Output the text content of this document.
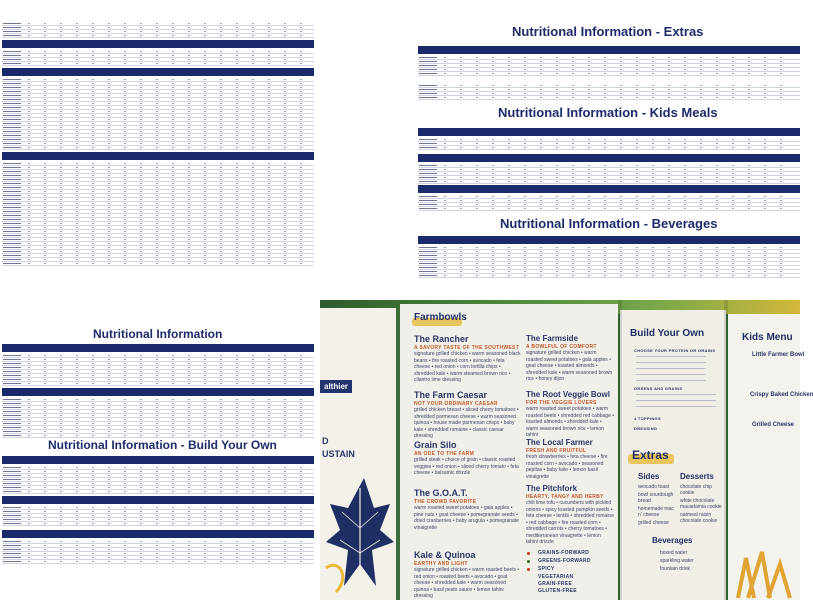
Nutritional Information - Extras
Nutritional Information - Kids Meals
Nutritional Information - Beverages
Nutritional Information
Nutritional Information - Build Your Own
althier
D
USTAIN
Farmbowls
The Rancher
A SAVORY TASTE OF THE SOUTHWEST
signature grilled chicken • warm seasoned black beans • fire roasted corn • avocado • feta cheese • red onion • corn tortilla chips • shredded kale • warm steamed brown rice • cilantro lime dressing
The Farm Caesar
NOT YOUR ORDINARY CAESAR
grilled chicken breast • sliced cherry tomatoes • shredded parmesan cheese • warm seasoned quinoa • house made parmesan crisps • baby kale • shredded romaine • classic caesar dressing
Grain Silo
AN ODE TO THE FARM
grilled steak • choice of grain • classic roasted veggies • red onion • sliced cherry tomato • feta cheese • balsamic drizzle
The G.O.A.T.
THE CROWD FAVORITE
warm roasted sweet potatoes • gala apples • pine nuts • goat cheese • pomegranate seeds • dried cranberries • baby arugula • pomegranate vinaigrette
Kale & Quinoa
EARTHY AND LIGHT
signature grilled chicken • warm roasted beets • red onion • roasted beets • avocado • goat cheese • shredded kale • warm seasoned quinoa • basil pesto sauce • lemon tahini dressing
The Farmside
A BOWLFUL OF COMFORT
signature grilled chicken • warm roasted sweet potatoes • gala apples • goat cheese • toasted almonds • shredded kale • warm seasoned brown rice • honey dijon
The Root Veggie Bowl
FOR THE VEGGIE LOVERS
warm roasted sweet potatoes • warm roasted beets • shredded red cabbage • toasted almonds • shredded kale • warm seasoned brown rice • lemon tahini
The Local Farmer
FRESH AND FRUITFUL
fresh strawberries • feta cheese • fire roasted corn • avocado • seasoned pepitas • baby kale • lemon basil vinaigrette
The Pitchfork
HEARTY, TANGY AND HERBY
chili lime tofu • cucumbers with pickled onions • spicy toasted pumpkin seeds • feta cheese • lentils • shredded romaine • red cabbage • fire roasted corn • shredded carrots • cherry tomatoes • mediterranean vinaigrette • lemon tahini drizzle
GRAINS-FORWARD
GREENS-FORWARD
SPICY
VEGETARIAN
GRAIN-FREE
GLUTEN-FREE
Build Your Own
CHOOSE YOUR PROTEIN OR GRAINS
GREENS AND GRAINS
4 TOPPINGS
DRESSING
Extras
Sides
avocado toast
bowl sourdough bread
homemade mac n' cheese
grilled cheese
Desserts
chocolate chip cookie
white chocolate macadamia cookie
oatmeal raisin chocolate cookie
Beverages
boxed water
sparkling water
fountain drink
Kids Menu
Little Farmer Bowl
Crispy Baked Chicken
Grilled Cheese
